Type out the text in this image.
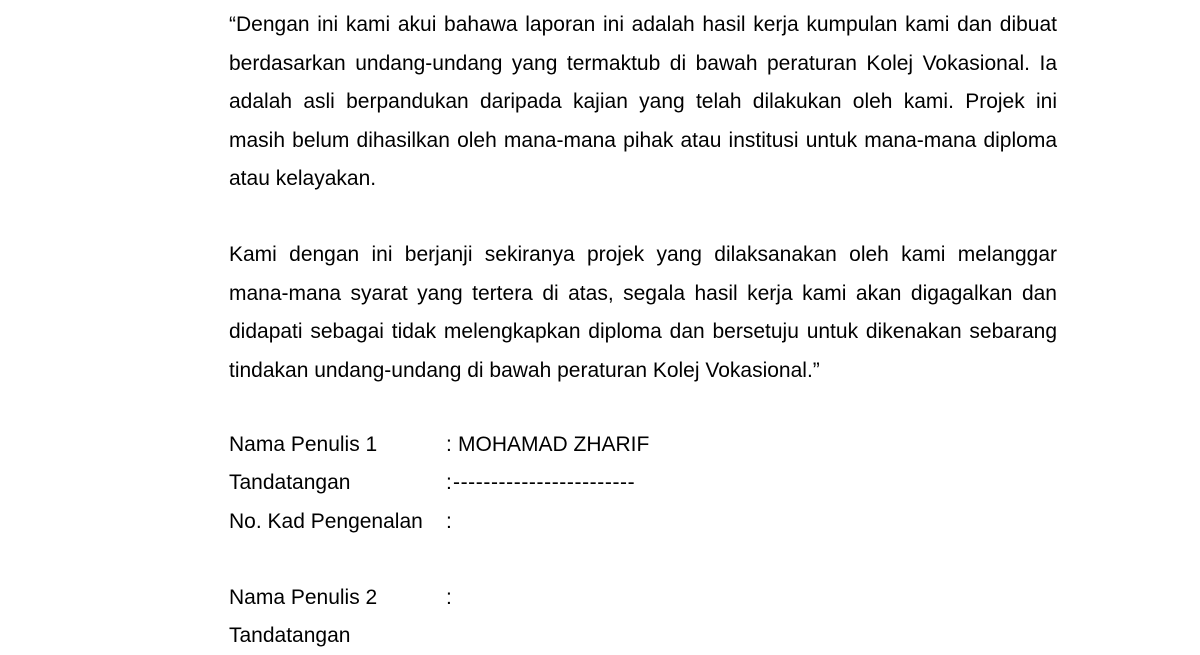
“Dengan ini kami akui bahawa laporan ini adalah hasil kerja kumpulan kami dan dibuat berdasarkan undang-undang yang termaktub di bawah peraturan Kolej Vokasional. Ia adalah asli berpandukan daripada kajian yang telah dilakukan oleh kami. Projek ini masih belum dihasilkan oleh mana-mana pihak atau institusi untuk mana-mana diploma atau kelayakan.

Kami dengan ini berjanji sekiranya projek yang dilaksanakan oleh kami melanggar mana-mana syarat yang tertera di atas, segala hasil kerja kami akan digagalkan dan didapati sebagai tidak melengkapkan diploma dan bersetuju untuk dikenakan sebarang tindakan undang-undang di bawah peraturan Kolej Vokasional.”

Nama Penulis 1	: MOHAMAD ZHARIF
Tandatangan	: ------------------------
No. Kad Pengenalan :
Nama Penulis 2	:
Tandatangan
